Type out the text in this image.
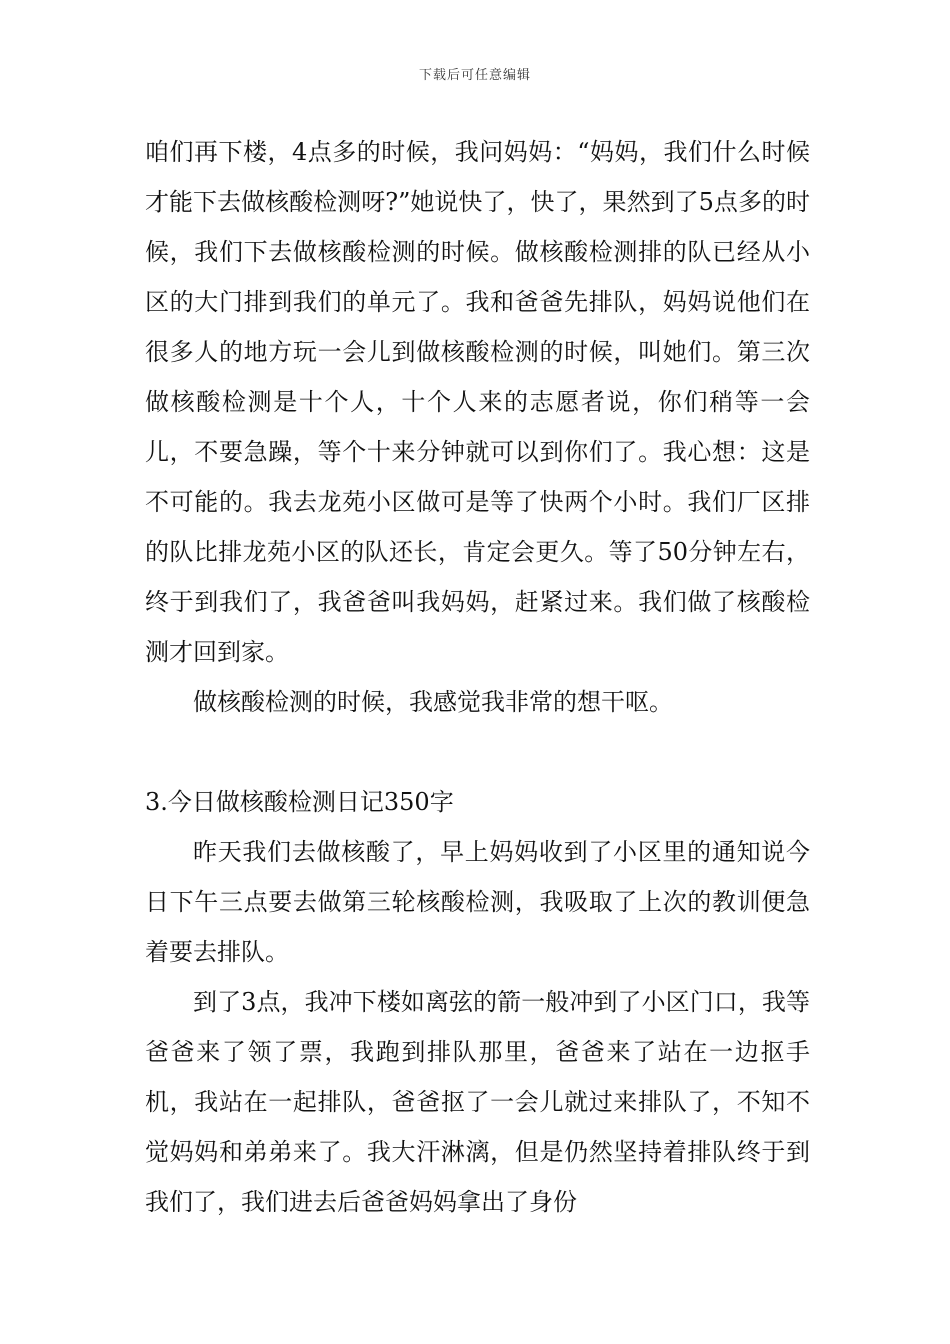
下载后可任意编辑

咱们再下楼，4点多的时候，我问妈妈：“妈妈，我们什么时候才能下去做核酸检测呀?”她说快了，快了，果然到了5点多的时候，我们下去做核酸检测的时候。做核酸检测排的队已经从小区的大门排到我们的单元了。我和爸爸先排队，妈妈说他们在很多人的地方玩一会儿到做核酸检测的时候，叫她们。第三次做核酸检测是十个人，十个人来的志愿者说，你们稍等一会儿，不要急躁，等个十来分钟就可以到你们了。我心想：这是不可能的。我去龙苑小区做可是等了快两个小时。我们厂区排的队比排龙苑小区的队还长，肯定会更久。等了50分钟左右，终于到我们了，我爸爸叫我妈妈，赶紧过来。我们做了核酸检测才回到家。

做核酸检测的时候，我感觉我非常的想干呕。

3.今日做核酸检测日记350字

昨天我们去做核酸了，早上妈妈收到了小区里的通知说今日下午三点要去做第三轮核酸检测，我吸取了上次的教训便急着要去排队。

到了3点，我冲下楼如离弦的箭一般冲到了小区门口，我等爸爸来了领了票，我跑到排队那里，爸爸来了站在一边抠手机，我站在一起排队，爸爸抠了一会儿就过来排队了，不知不觉妈妈和弟弟来了。我大汗淋漓，但是仍然坚持着排队终于到我们了，我们进去后爸爸妈妈拿出了身份
